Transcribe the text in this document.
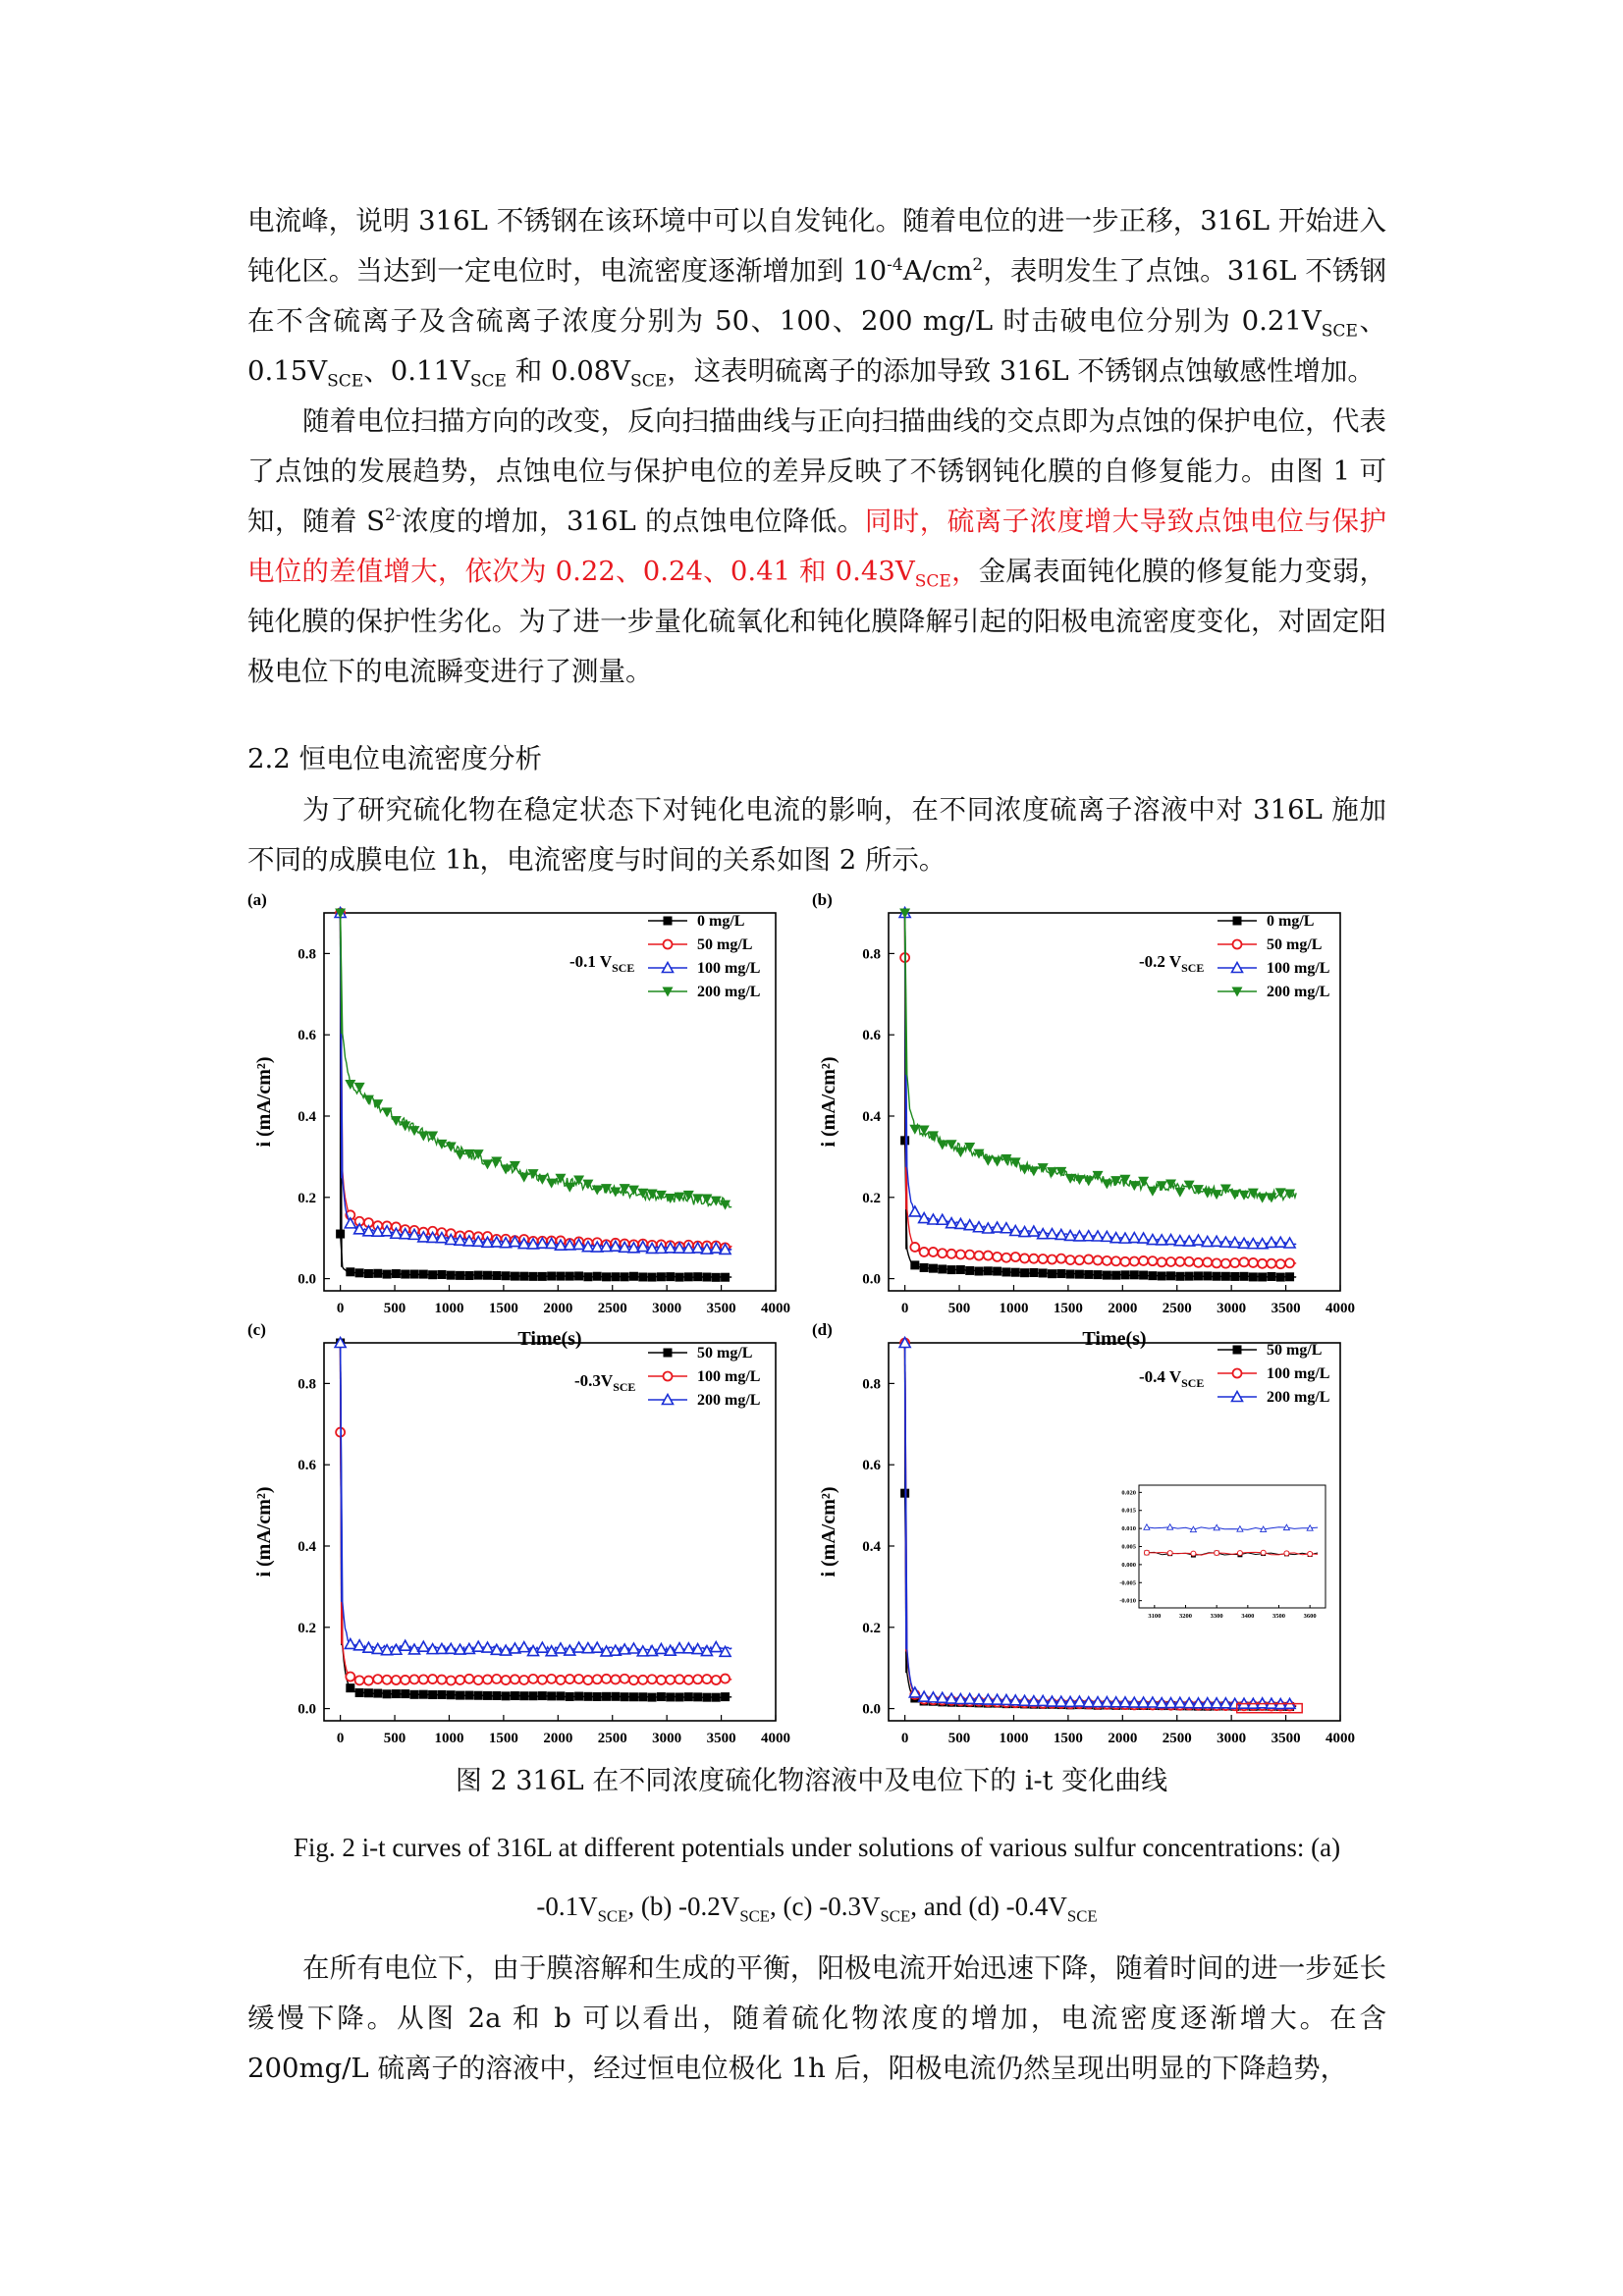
电流峰，说明 316L 不锈钢在该环境中可以自发钝化。随着电位的进一步正移，316L 开始进入钝化区。当达到一定电位时，电流密度逐渐增加到 $10^{-4}A/cm^2$，表明发生了点蚀。316L 不锈钢在不含硫离子及含硫离子浓度分别为 50、100、200 mg/L 时击破电位分别为 $0.21V_{SCE}$、$0.15V_{SCE}$、$0.11V_{SCE}$ 和 $0.08V_{SCE}$，这表明硫离子的添加导致 316L 不锈钢点蚀敏感性增加。

随着电位扫描方向的改变，反向扫描曲线与正向扫描曲线的交点即为点蚀的保护电位，代表了点蚀的发展趋势，点蚀电位与保护电位的差异反映了不锈钢钝化膜的自修复能力。由图 1 可知，随着 $S^{2-}$浓度的增加，316L 的点蚀电位降低。同时，硫离子浓度增大导致点蚀电位与保护电位的差值增大，依次为 0.22、0.24、0.41 和 $0.43V_{SCE}$，金属表面钝化膜的修复能力变弱，钝化膜的保护性劣化。为了进一步量化硫氧化和钝化膜降解引起的阳极电流密度变化，对固定阳极电位下的电流瞬变进行了测量。

2.2 恒电位电流密度分析

为了研究硫化物在稳定状态下对钝化电流的影响，在不同浓度硫离子溶液中对 316L 施加不同的成膜电位 1h，电流密度与时间的关系如图 2 所示。

0	500 1000 1500 2000 2500 3000 3500 4000
0.0
0.2
0.4
0.6
0.8
Time(s)
i (mA/cm²)
(a)
-0.1 $V_{SCE}$
0 mg/L
50 mg/L
100 mg/L
200 mg/L
0	500 1000 1500 2000 2500 3000 3500 4000
0.0
0.2
0.4
0.6
0.8
Time(s)
i (mA/cm²)
(b)
-0.2 $V_{SCE}$
0 mg/L
50 mg/L
100 mg/L
200 mg/L
0	500 1000 1500 2000 2500 3000 3500 4000
0.0
0.2
0.4
0.6
0.8
i (mA/cm²)
(c)
$-0.3V_{SCE}$
50 mg/L
100 mg/L
200 mg/L
0	500 1000 1500 2000 2500 3000 3500 4000
0.0
0.2
0.4
0.6
0.8
i (mA/cm²)
(d)
-0.4 $V_{SCE}$
50 mg/L
100 mg/L
200 mg/L
3100	3200	3300	3400	3500	3600
-0.010
-0.005
0.000
0.005
0.010
0.015
0.020

图 2 316L 在不同浓度硫化物溶液中及电位下的 i-t 变化曲线

Fig. 2 i-t curves of 316L at different potentials under solutions of various sulfur concentrations: (a)
$-0.1V_{SCE}$, (b) $-0.2V_{SCE}$, (c) $-0.3V_{SCE}$, and (d) $-0.4V_{SCE}$

在所有电位下，由于膜溶解和生成的平衡，阳极电流开始迅速下降，随着时间的进一步延长缓慢下降。从图 2a 和 b 可以看出，随着硫化物浓度的增加，电流密度逐渐增大。在含 200mg/L 硫离子的溶液中，经过恒电位极化 1h 后，阳极电流仍然呈现出明显的下降趋势，
